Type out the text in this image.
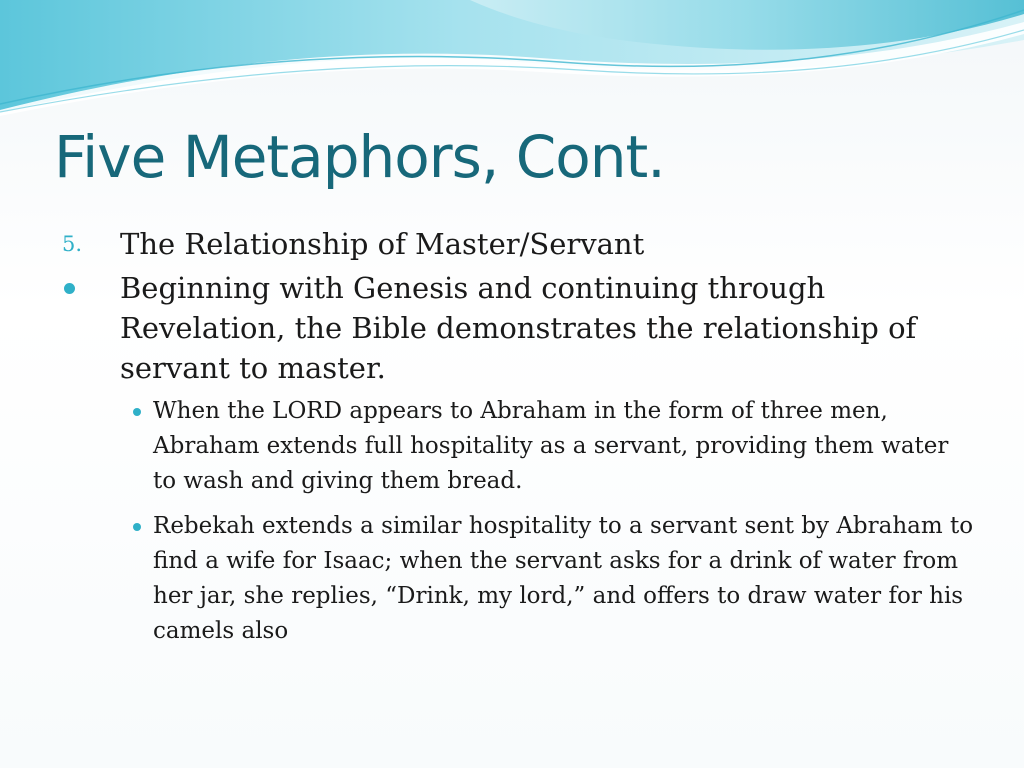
Five Metaphors, Cont.
5. The Relationship of Master/Servant
Beginning with Genesis and continuing through Revelation, the Bible demonstrates the relationship of servant to master.
When the LORD appears to Abraham in the form of three men, Abraham extends full hospitality as a servant, providing them water to wash and giving them bread.
Rebekah extends a similar hospitality to a servant sent by Abraham to find a wife for Isaac; when the servant asks for a drink of water from her jar, she replies, “Drink, my lord,” and offers to draw water for his camels also
